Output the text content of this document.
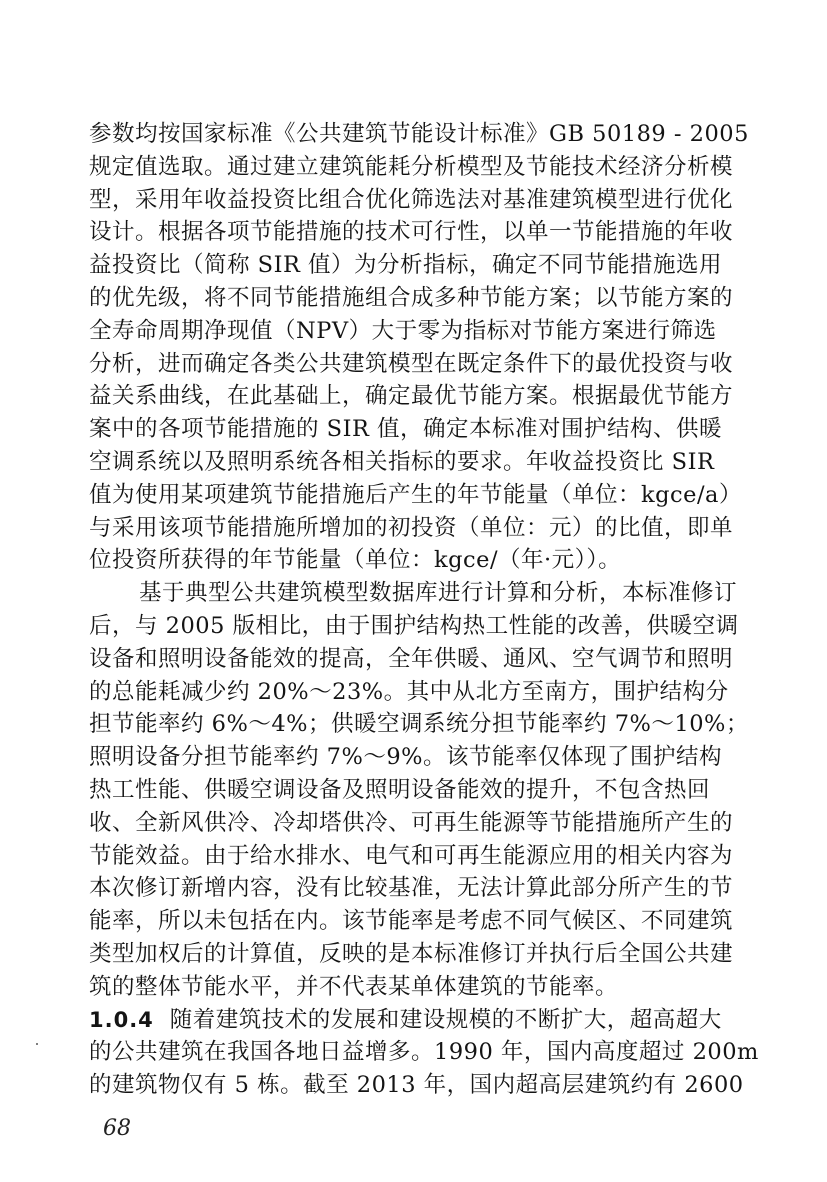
参数均按国家标准《公共建筑节能设计标准》GB 50189 - 2005
规定值选取。通过建立建筑能耗分析模型及节能技术经济分析模
型，采用年收益投资比组合优化筛选法对基准建筑模型进行优化
设计。根据各项节能措施的技术可行性，以单一节能措施的年收
益投资比（简称 SIR 值）为分析指标，确定不同节能措施选用
的优先级，将不同节能措施组合成多种节能方案；以节能方案的
全寿命周期净现值（NPV）大于零为指标对节能方案进行筛选
分析，进而确定各类公共建筑模型在既定条件下的最优投资与收
益关系曲线，在此基础上，确定最优节能方案。根据最优节能方
案中的各项节能措施的 SIR 值，确定本标准对围护结构、供暖
空调系统以及照明系统各相关指标的要求。年收益投资比 SIR
值为使用某项建筑节能措施后产生的年节能量（单位：kgce/a）
与采用该项节能措施所增加的初投资（单位：元）的比值，即单
位投资所获得的年节能量（单位：kgce/（年·元））。
基于典型公共建筑模型数据库进行计算和分析，本标准修订
后，与 2005 版相比，由于围护结构热工性能的改善，供暖空调
设备和照明设备能效的提高，全年供暖、通风、空气调节和照明
的总能耗减少约 20%～23%。其中从北方至南方，围护结构分
担节能率约 6%～4%；供暖空调系统分担节能率约 7%～10%；
照明设备分担节能率约 7%～9%。该节能率仅体现了围护结构
热工性能、供暖空调设备及照明设备能效的提升，不包含热回
收、全新风供冷、冷却塔供冷、可再生能源等节能措施所产生的
节能效益。由于给水排水、电气和可再生能源应用的相关内容为
本次修订新增内容，没有比较基准，无法计算此部分所产生的节
能率，所以未包括在内。该节能率是考虑不同气候区、不同建筑
类型加权后的计算值，反映的是本标准修订并执行后全国公共建
筑的整体节能水平，并不代表某单体建筑的节能率。
1.0.4 随着建筑技术的发展和建设规模的不断扩大，超高超大
的公共建筑在我国各地日益增多。1990 年，国内高度超过 200m
的建筑物仅有 5 栋。截至 2013 年，国内超高层建筑约有 2600
68
